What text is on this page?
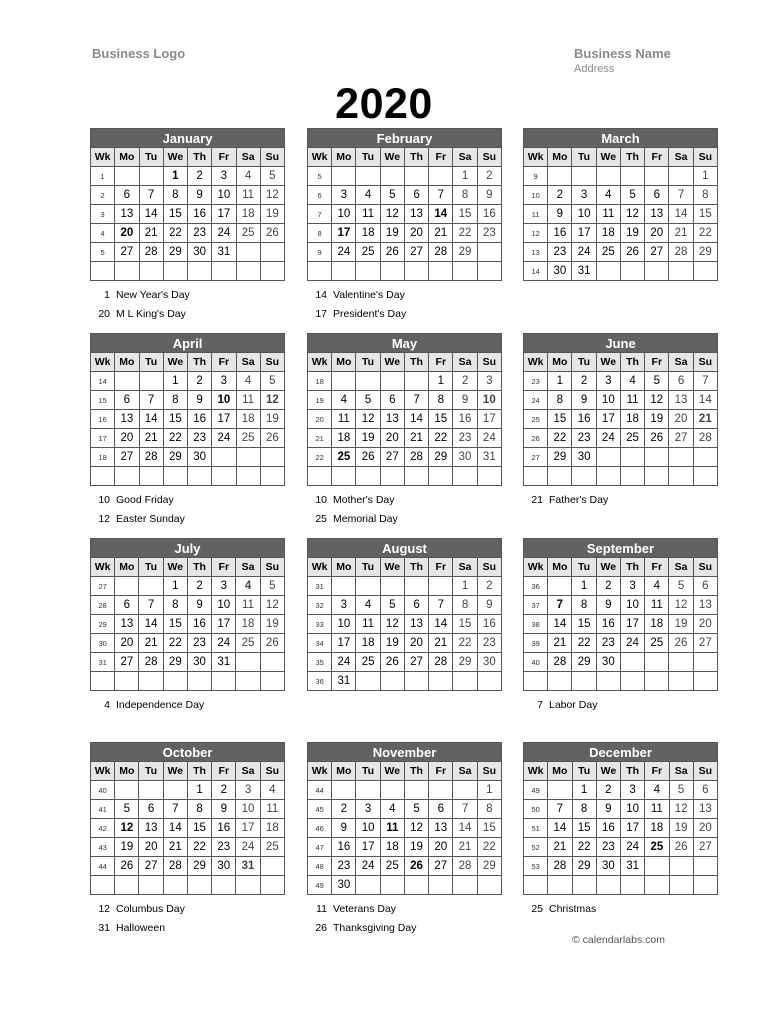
Business Logo	Business Name
Address
2020
January							
Wk	Mo	Tu	We	Th	Fr	Sa	Su
1			1	2	3	4	5
2	6	7	8	9	10	11	12
3	13	14	15	16	17	18	19
4	20	21	22	23	24	25	26
5	27	28	29	30	31		

1 New Year's Day
20 M L King's Day
February							
Wk	Mo	Tu	We	Th	Fr	Sa	Su
5						1	2
6	3	4	5	6	7	8	9
7	10	11	12	13	14	15	16
8	17	18	19	20	21	22	23
9	24	25	26	27	28	29	

14 Valentine's Day
17 President's Day
March							
Wk	Mo	Tu	We	Th	Fr	Sa	Su
9							1
10	2	3	4	5	6	7	8
11	9	10	11	12	13	14	15
12	16	17	18	19	20	21	22
13	23	24	25	26	27	28	29
14	30	31					
April							
Wk	Mo	Tu	We	Th	Fr	Sa	Su
14			1	2	3	4	5
15	6	7	8	9	10	11	12
16	13	14	15	16	17	18	19
17	20	21	22	23	24	25	26
18	27	28	29	30			

10 Good Friday
12 Easter Sunday
May							
Wk	Mo	Tu	We	Th	Fr	Sa	Su
18					1	2	3
19	4	5	6	7	8	9	10
20	11	12	13	14	15	16	17
21	18	19	20	21	22	23	24
22	25	26	27	28	29	30	31

10 Mother's Day
25 Memorial Day
June							
Wk	Mo	Tu	We	Th	Fr	Sa	Su
23	1	2	3	4	5	6	7
24	8	9	10	11	12	13	14
25	15	16	17	18	19	20	21
26	22	23	24	25	26	27	28
27	29	30					

21 Father's Day
July							
Wk	Mo	Tu	We	Th	Fr	Sa	Su
27			1	2	3	4	5
28	6	7	8	9	10	11	12
29	13	14	15	16	17	18	19
30	20	21	22	23	24	25	26
31	27	28	29	30	31		

4 Independence Day
August							
Wk	Mo	Tu	We	Th	Fr	Sa	Su
31						1	2
32	3	4	5	6	7	8	9
33	10	11	12	13	14	15	16
34	17	18	19	20	21	22	23
35	24	25	26	27	28	29	30
36	31						
September							
Wk	Mo	Tu	We	Th	Fr	Sa	Su
36		1	2	3	4	5	6
37	7	8	9	10	11	12	13
38	14	15	16	17	18	19	20
39	21	22	23	24	25	26	27
40	28	29	30				

7 Labor Day
October							
Wk	Mo	Tu	We	Th	Fr	Sa	Su
40				1	2	3	4
41	5	6	7	8	9	10	11
42	12	13	14	15	16	17	18
43	19	20	21	22	23	24	25
44	26	27	28	29	30	31	

12 Columbus Day
31 Halloween
November							
Wk	Mo	Tu	We	Th	Fr	Sa	Su
44							1
45	2	3	4	5	6	7	8
46	9	10	11	12	13	14	15
47	16	17	18	19	20	21	22
48	23	24	25	26	27	28	29
49	30						
11 Veterans Day
26 Thanksgiving Day
December							
Wk	Mo	Tu	We	Th	Fr	Sa	Su
49		1	2	3	4	5	6
50	7	8	9	10	11	12	13
51	14	15	16	17	18	19	20
52	21	22	23	24	25	26	27
53	28	29	30	31			

25 Christmas
© calendarlabs.com
